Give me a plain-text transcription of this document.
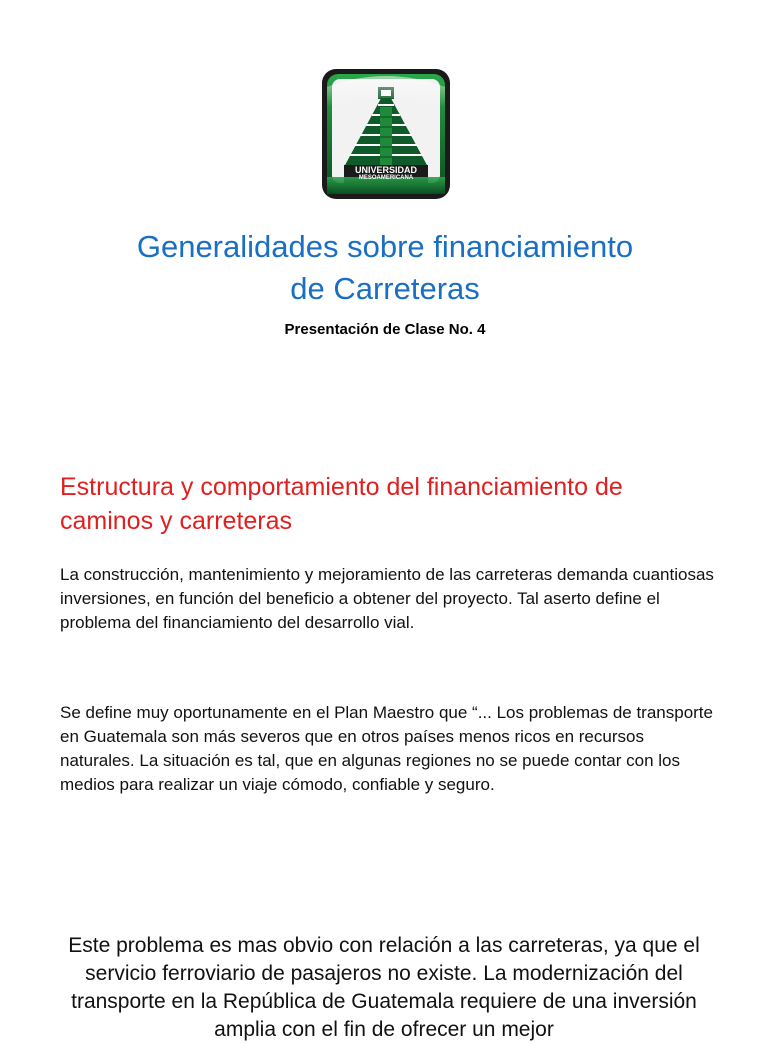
UNIVERSIDAD
MESOAMERICANA
Generalidades sobre financiamiento
de Carreteras
Presentación de Clase No. 4
Estructura y comportamiento del financiamiento de
caminos y carreteras
La construcción, mantenimiento y mejoramiento de las carreteras demanda cuantiosas inversiones, en función del beneficio a obtener del proyecto. Tal aserto define el problema del financiamiento del desarrollo vial.
Se define muy oportunamente en el Plan Maestro que “... Los problemas de transporte en Guatemala son más severos que en otros países menos ricos en recursos naturales. La situación es tal, que en algunas regiones no se puede contar con los medios para realizar un viaje cómodo, confiable y seguro.
Este problema es mas obvio con relación a las carreteras, ya que el servicio ferroviario de pasajeros no existe. La modernización del transporte en la República de Guatemala requiere de una inversión amplia con el fin de ofrecer un mejor
